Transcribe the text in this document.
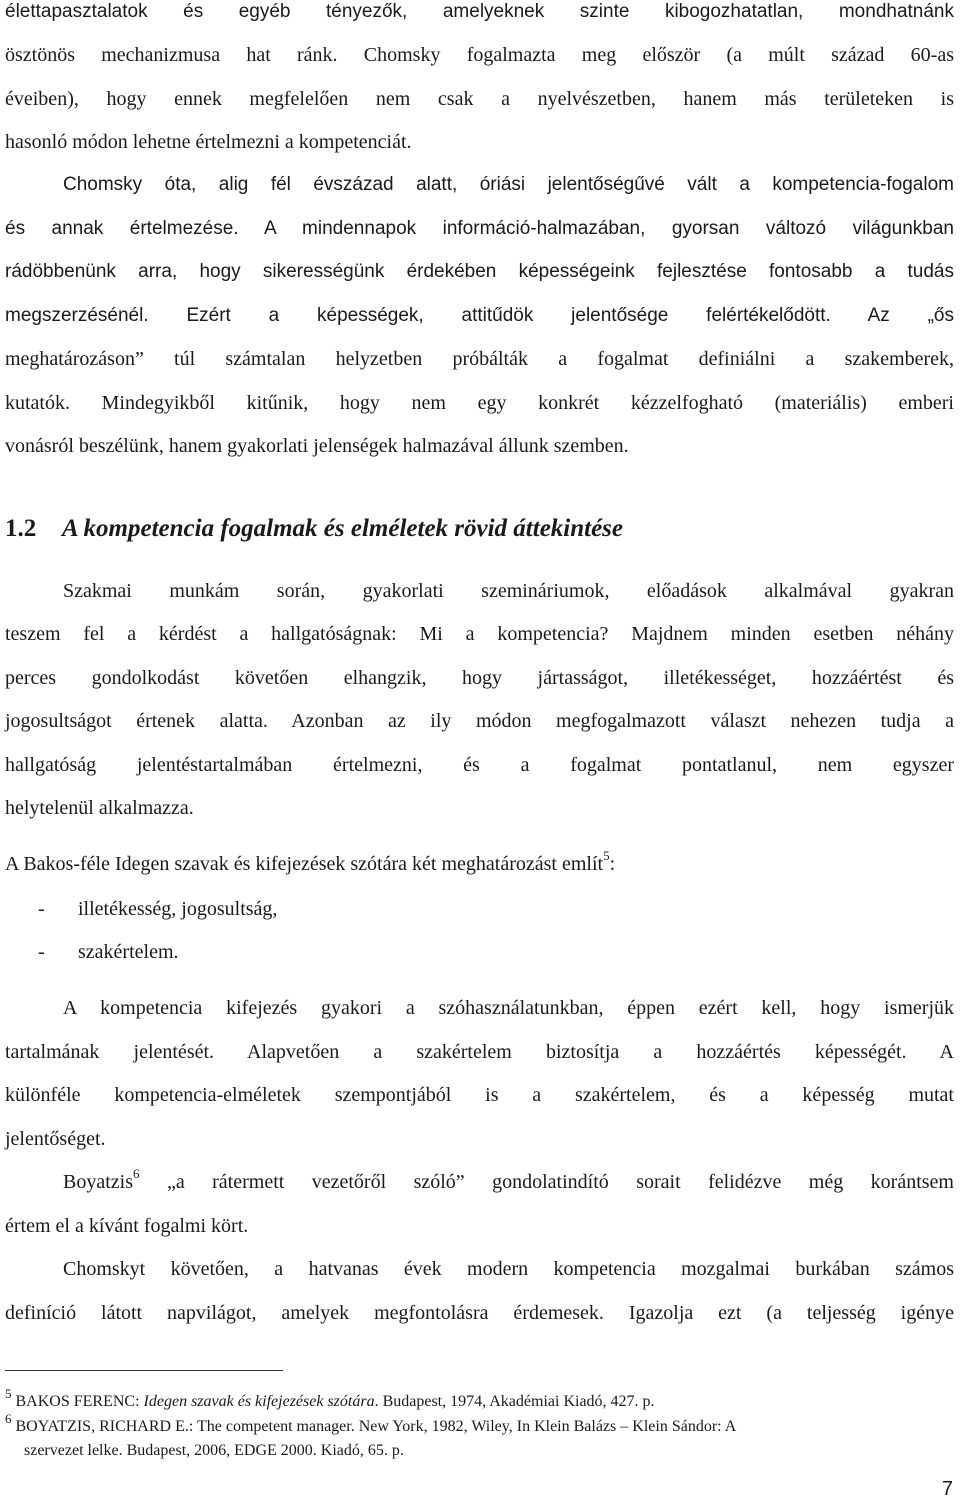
élettapasztalatok és egyéb tényezők, amelyeknek szinte kibogozhatatlan, mondhatnánk
ösztönös mechanizmusa hat ránk. Chomsky fogalmazta meg először (a múlt század 60-as
éveiben), hogy ennek megfelelően nem csak a nyelvészetben, hanem más területeken is
hasonló módon lehetne értelmezni a kompetenciát.
Chomsky óta, alig fél évszázad alatt, óriási jelentőségűvé vált a kompetencia-fogalom
és annak értelmezése. A mindennapok információ-halmazában, gyorsan változó világunkban
rádöbbenünk arra, hogy sikerességünk érdekében képességeink fejlesztése fontosabb a tudás
megszerzésénél. Ezért a képességek, attitűdök jelentősége felértékelődött. Az „ős
meghatározáson” túl számtalan helyzetben próbálták a fogalmat definiálni a szakemberek,
kutatók. Mindegyikből kitűnik, hogy nem egy konkrét kézzelfogható (materiális) emberi
vonásról beszélünk, hanem gyakorlati jelenségek halmazával állunk szemben.
1.2 A kompetencia fogalmak és elméletek rövid áttekintése
Szakmai munkám során, gyakorlati szemináriumok, előadások alkalmával gyakran
teszem fel a kérdést a hallgatóságnak: Mi a kompetencia? Majdnem minden esetben néhány
perces gondolkodást követően elhangzik, hogy jártasságot, illetékességet, hozzáértést és
jogosultságot értenek alatta. Azonban az ily módon megfogalmazott választ nehezen tudja a
hallgatóság jelentéstartalmában értelmezni, és a fogalmat pontatlanul, nem egyszer
helytelenül alkalmazza.
A Bakos-féle Idegen szavak és kifejezések szótára két meghatározást említ$^5$:
- illetékesség, jogosultság,
- szakértelem.
A kompetencia kifejezés gyakori a szóhasználatunkban, éppen ezért kell, hogy ismerjük
tartalmának jelentését. Alapvetően a szakértelem biztosítja a hozzáértés képességét. A
különféle kompetencia-elméletek szempontjából is a szakértelem, és a képesség mutat
jelentőséget.
Boyatzis$^6$ „a rátermett vezetőről szóló” gondolatindító sorait felidézve még korántsem
értem el a kívánt fogalmi kört.
Chomskyt követően, a hatvanas évek modern kompetencia mozgalmai burkában számos
definíció látott napvilágot, amelyek megfontolásra érdemesek. Igazolja ezt (a teljesség igénye
$^5$ BAKOS FERENC: Idegen szavak és kifejezések szótára. Budapest, 1974, Akadémiai Kiadó, 427. p.
$^6$ BOYATZIS, RICHARD E.: The competent manager. New York, 1982, Wiley, In Klein Balázs – Klein Sándor: A
szervezet lelke. Budapest, 2006, EDGE 2000. Kiadó, 65. p.
7
